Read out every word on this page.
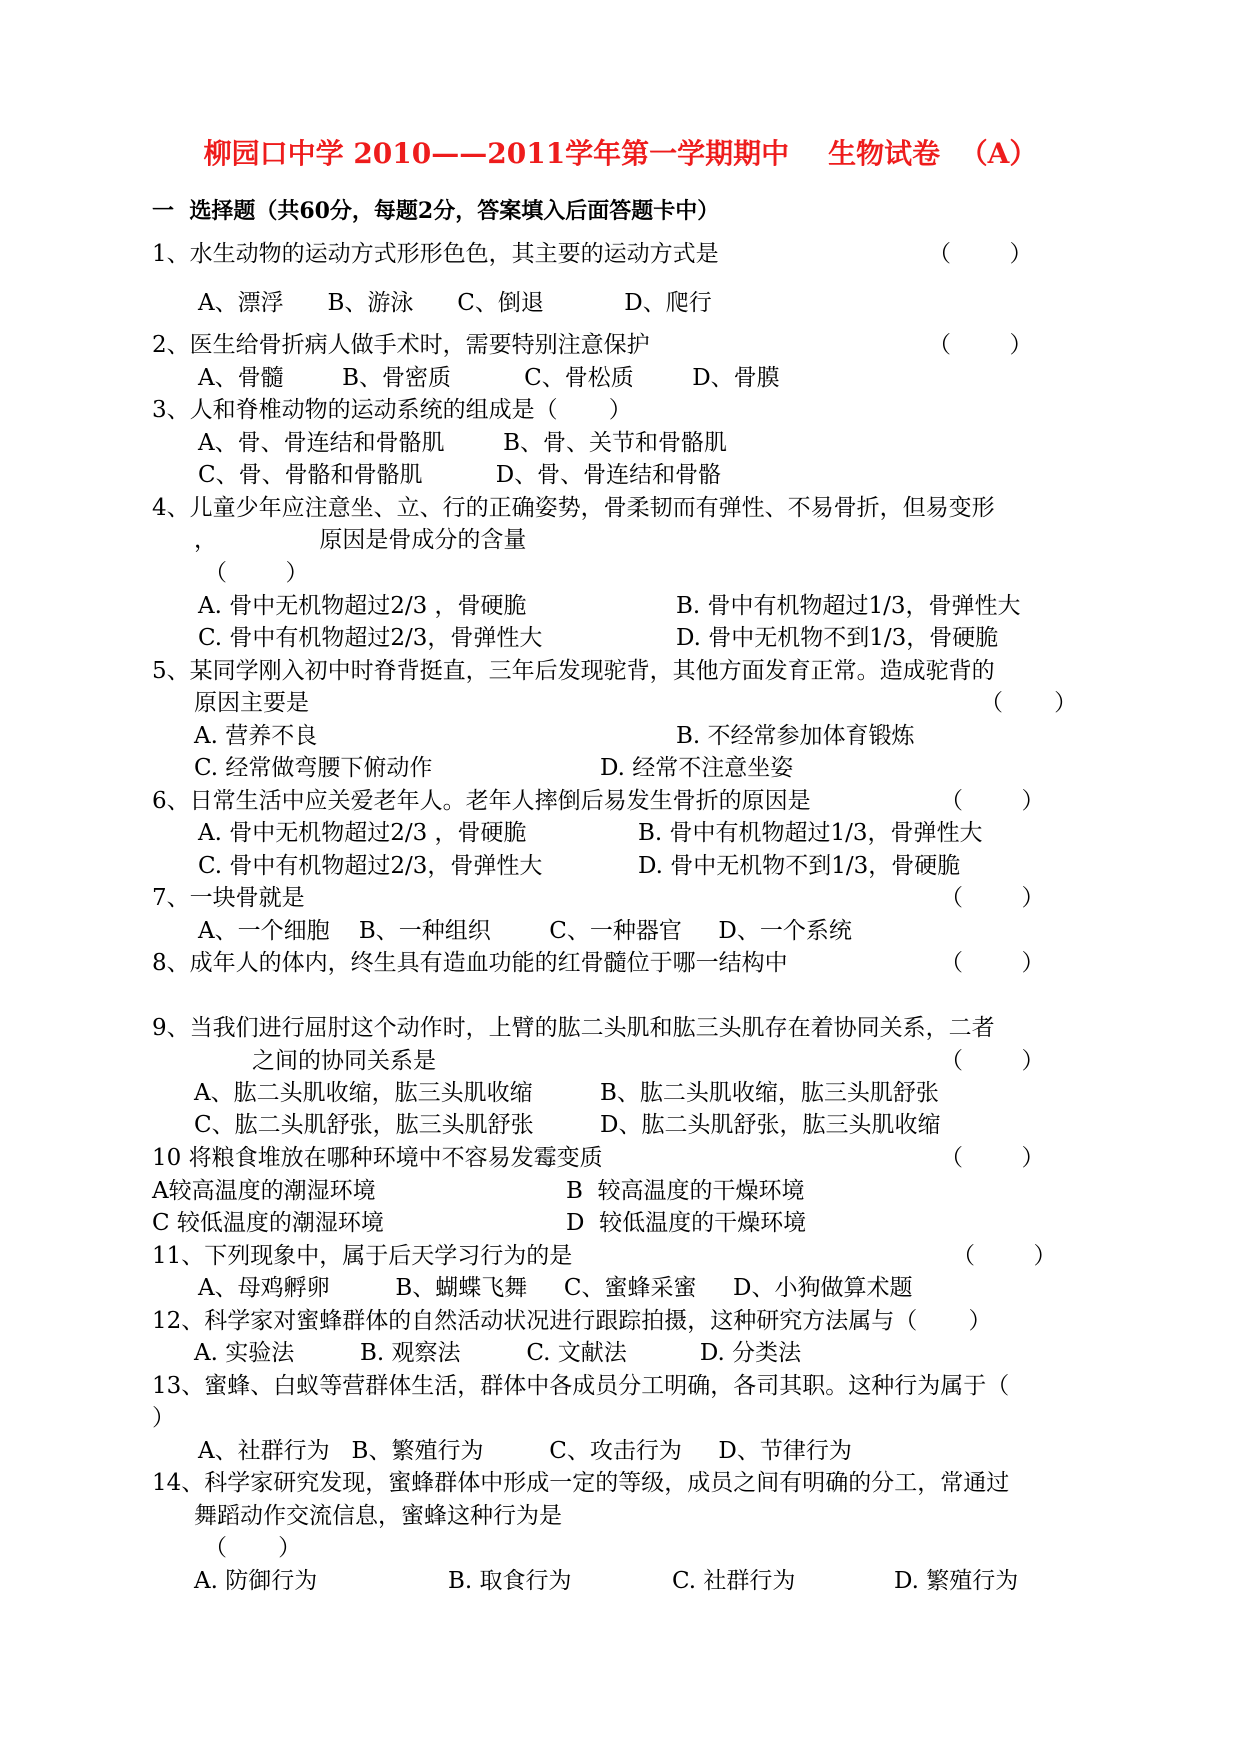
柳园口中学 2010——2011学年第一学期期中    生物试卷  （A）
一  选择题（共60分，每题2分，答案填入后面答题卡中）
1、水生动物的运动方式形形色色，其主要的运动方式是	（        ）
A、漂浮      B、游泳      C、倒退           D、爬行
2、医生给骨折病人做手术时，需要特别注意保护	（        ）
A、骨髓        B、骨密质          C、骨松质        D、骨膜
3、人和脊椎动物的运动系统的组成是（       ）
A、骨、骨连结和骨骼肌        B、骨、关节和骨骼肌
C、骨、骨骼和骨骼肌          D、骨、骨连结和骨骼
4、儿童少年应注意坐、立、行的正确姿势，骨柔韧而有弹性、不易骨折，但易变形
，              原因是骨成分的含量
（        ）
A. 骨中无机物超过2/3 ，骨硬脆	B. 骨中有机物超过1/3，骨弹性大
C. 骨中有机物超过2/3，骨弹性大	D. 骨中无机物不到1/3，骨硬脆
5、某同学刚入初中时脊背挺直，三年后发现驼背，其他方面发育正常。造成驼背的
原因主要是	（       ）
A. 营养不良	B. 不经常参加体育锻炼
C. 经常做弯腰下俯动作	D. 经常不注意坐姿
6、日常生活中应关爱老年人。老年人摔倒后易发生骨折的原因是	（        ）
A. 骨中无机物超过2/3 ，骨硬脆	B. 骨中有机物超过1/3，骨弹性大
C. 骨中有机物超过2/3，骨弹性大	D. 骨中无机物不到1/3，骨硬脆
7、一块骨就是	（        ）
A、一个细胞    B、一种组织        C、一种器官     D、一个系统
8、成年人的体内，终生具有造血功能的红骨髓位于哪一结构中	（        ）
9、当我们进行屈肘这个动作时，上臂的肱二头肌和肱三头肌存在着协同关系，二者
之间的协同关系是	（        ）
A、肱二头肌收缩，肱三头肌收缩	B、肱二头肌收缩，肱三头肌舒张
C、肱二头肌舒张，肱三头肌舒张	D、肱二头肌舒张，肱三头肌收缩
10 将粮食堆放在哪种环境中不容易发霉变质	（        ）
A较高温度的潮湿环境	B  较高温度的干燥环境
C 较低温度的潮湿环境	D  较低温度的干燥环境
11、下列现象中，属于后天学习行为的是	（        ）
A、母鸡孵卵         B、蝴蝶飞舞     C、蜜蜂采蜜     D、小狗做算术题
12、科学家对蜜蜂群体的自然活动状况进行跟踪拍摄，这种研究方法属与（       ）
A. 实验法         B. 观察法         C. 文献法          D. 分类法
13、蜜蜂、白蚁等营群体生活，群体中各成员分工明确，各司其职。这种行为属于（
）
A、社群行为   B、繁殖行为         C、攻击行为     D、节律行为
14、科学家研究发现，蜜蜂群体中形成一定的等级，成员之间有明确的分工，常通过
舞蹈动作交流信息，蜜蜂这种行为是
（       ）
A. 防御行为	B. 取食行为	C. 社群行为	D. 繁殖行为
